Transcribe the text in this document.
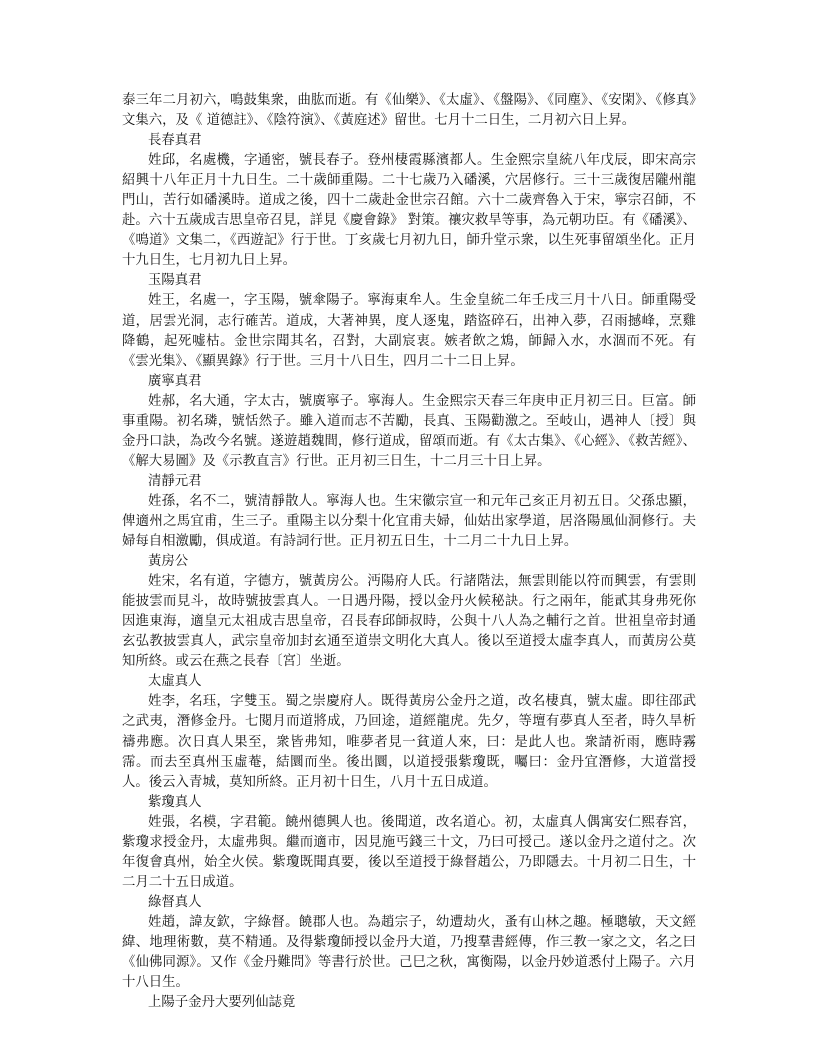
泰三年二月初六，鳴鼓集衆，曲肱而逝。有《仙樂》、《太虛》、《盤陽》、《同塵》、《安閑》、《修真》文集六，及《 道德註》、《陰符演》、《黃庭述》留世。七月十二日生，二月初六日上昇。

長春真君

姓邱，名處機，字通密，號長春子。登州棲霞縣濱都人。生金熙宗皇統八年戊辰，即宋高宗紹興十八年正月十九日生。二十歲師重陽。二十七歲乃入磻溪，穴居修行。三十三歲復居隴州龍門山，苦行如磻溪時。道成之後，四十二歲赴金世宗召館。六十二歲齊魯入于宋，寧宗召師，不赴。六十五歲成吉思皇帝召見，詳見《慶會錄》 對策。禳灾救旱等事，為元朝功臣。有《磻溪》、《鳴道》文集二，《西遊記》行于世。丁亥歲七月初九日，師升堂示衆，以生死事留頌坐化。正月十九日生，七月初九日上昇。

玉陽真君

姓王，名處一，字玉陽，號傘陽子。寧海東牟人。生金皇統二年壬戌三月十八日。師重陽受道，居雲光洞，志行確苦。道成，大著神異，度人逐鬼，踏盜碎石，出神入夢，召雨撼峰，烹雞降鶴，起死嘘枯。金世宗聞其名，召對，大副宸衷。嫉者飲之鴆，師歸入水，水涸而不死。有《雲光集》、《顯異錄》行于世。三月十八日生，四月二十二日上昇。

廣寧真君

姓郝，名大通，字太古，號廣寧子。寧海人。生金熙宗天春三年庚申正月初三日。巨富。師事重陽。初名璘，號恬然子。雖入道而志不苦勵，長真、玉陽勸激之。至岐山，遇神人〔授〕與金丹口訣，為改今名號。遂遊趙魏間，修行道成，留頌而逝。有《太古集》、《心經》、《救苦經》、《解大易圖》及《示教直言》行世。正月初三日生，十二月三十日上昇。

清靜元君

姓孫，名不二，號清靜散人。寧海人也。生宋徽宗宣一和元年己亥正月初五日。父孫忠顯，俾適州之馬宜甫，生三子。重陽主以分梨十化宜甫夫婦，仙姑出家學道，居洛陽風仙洞修行。夫婦每自相激勵，俱成道。有詩詞行世。正月初五日生，十二月二十九日上昇。

黃房公

姓宋，名有道，字德方，號黃房公。沔陽府人氏。行諸階法，無雲則能以符而興雲，有雲則能披雲而見斗，故時號披雲真人。一日遇丹陽，授以金丹火候秘訣。行之兩年，能貳其身弗死你因進東海，適皇元太祖成吉思皇帝，召長春邱師叔時，公與十八人為之輔行之首。世祖皇帝封通玄弘教披雲真人，武宗皇帝加封玄通至道崇文明化大真人。後以至道授太虛李真人，而黃房公莫知所終。或云在燕之長春〔宮〕坐逝。

太虛真人

姓李，名珏，字雙玉。蜀之崇慶府人。既得黃房公金丹之道，改名棲真，號太虛。即往邵武之武夷，潛修金丹。七閱月而道將成，乃回途，道經龍虎。先夕，等壇有夢真人至者，時久旱析禱弗應。次日真人果至，衆皆弗知，唯夢者見一貧道人來，曰：是此人也。衆請祈雨，應時霧霈。而去至真州玉虛菴，結圜而坐。後出圜，以道授張紫瓊既，囑曰：金丹宜潛修，大道當授人。後云入青城，莫知所終。正月初十日生，八月十五日成道。

紫瓊真人

姓張，名模，字君範。饒州德興人也。後聞道，改名道心。初，太虛真人偶寓安仁熙春宮，紫瓊求授金丹，太虛弗與。繼而適市，因見施丐錢三十文，乃曰可授己。遂以金丹之道付之。次年復會真州，始全火侯。紫瓊既聞真要，後以至道授于綠督趙公，乃即隱去。十月初二日生，十二月二十五日成道。

綠督真人

姓趙，諱友欽，字綠督。饒郡人也。為趙宗子，幼遭劫火，蚤有山林之趣。極聰敏，天文經緯、地理術數，莫不精通。及得紫瓊師授以金丹大道，乃搜羣書經傳，作三教一家之文，名之曰《仙佛同源》。又作《金丹難問》等書行於世。己巳之秋，寓衡陽，以金丹妙道悉付上陽子。六月十八日生。

上陽子金丹大要列仙誌竟
